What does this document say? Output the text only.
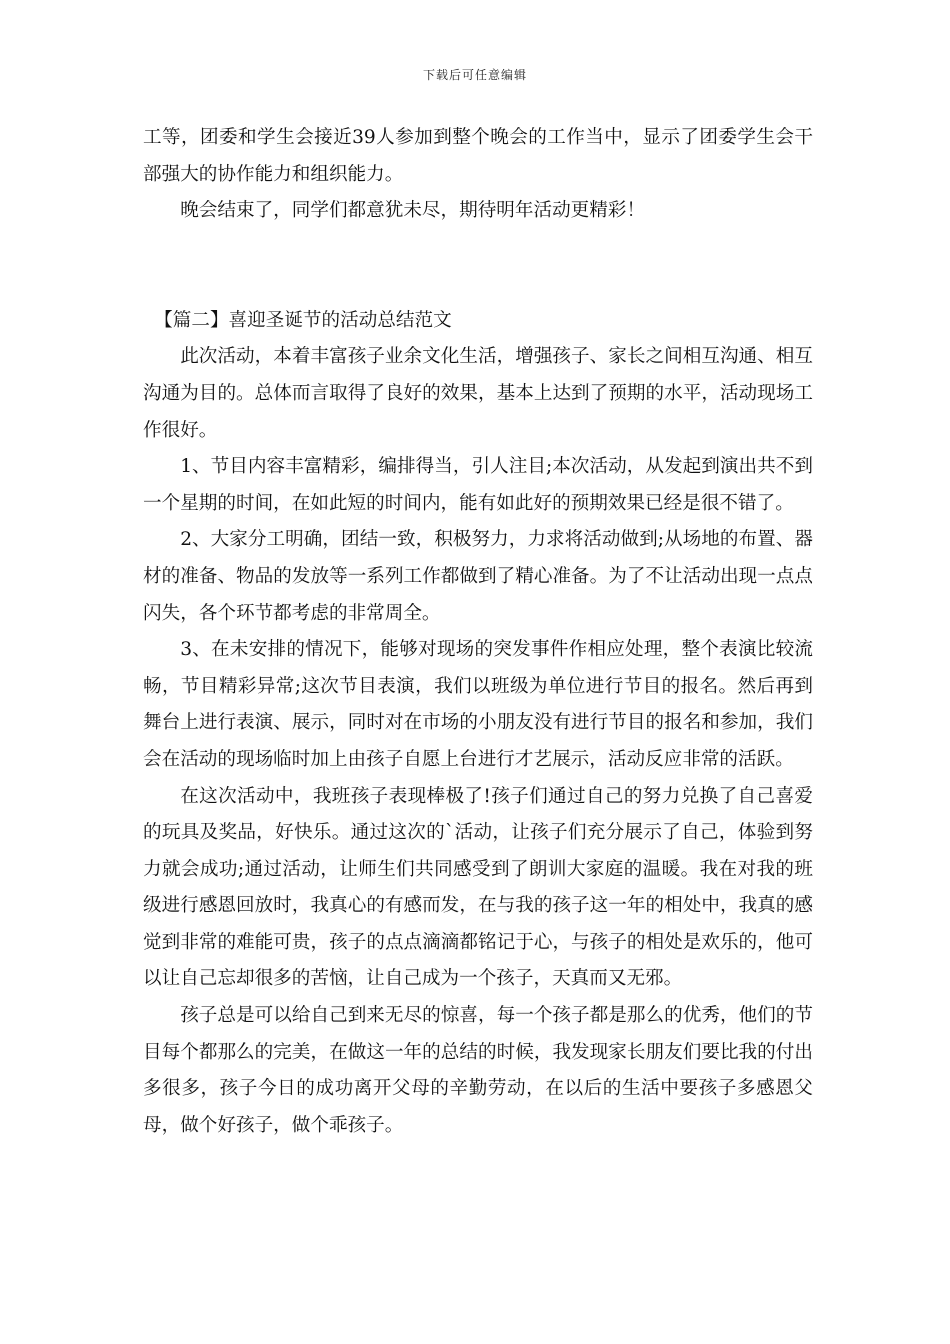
下载后可任意编辑

工等，团委和学生会接近39人参加到整个晚会的工作当中，显示了团委学生会干部强大的协作能力和组织能力。

晚会结束了，同学们都意犹未尽，期待明年活动更精彩！

【篇二】喜迎圣诞节的活动总结范文

此次活动，本着丰富孩子业余文化生活，增强孩子、家长之间相互沟通、相互沟通为目的。总体而言取得了良好的效果，基本上达到了预期的水平，活动现场工作很好。

1、节目内容丰富精彩，编排得当，引人注目;本次活动，从发起到演出共不到一个星期的时间，在如此短的时间内，能有如此好的预期效果已经是很不错了。

2、大家分工明确，团结一致，积极努力，力求将活动做到;从场地的布置、器材的准备、物品的发放等一系列工作都做到了精心准备。为了不让活动出现一点点闪失，各个环节都考虑的非常周全。

3、在未安排的情况下，能够对现场的突发事件作相应处理，整个表演比较流畅，节目精彩异常;这次节目表演，我们以班级为单位进行节目的报名。然后再到舞台上进行表演、展示，同时对在市场的小朋友没有进行节目的报名和参加，我们会在活动的现场临时加上由孩子自愿上台进行才艺展示，活动反应非常的活跃。

在这次活动中，我班孩子表现棒极了!孩子们通过自己的努力兑换了自己喜爱的玩具及奖品，好快乐。通过这次的`活动，让孩子们充分展示了自己，体验到努力就会成功;通过活动，让师生们共同感受到了朗训大家庭的温暖。我在对我的班级进行感恩回放时，我真心的有感而发，在与我的孩子这一年的相处中，我真的感觉到非常的难能可贵，孩子的点点滴滴都铭记于心，与孩子的相处是欢乐的，他可以让自己忘却很多的苦恼，让自己成为一个孩子，天真而又无邪。

孩子总是可以给自己到来无尽的惊喜，每一个孩子都是那么的优秀，他们的节目每个都那么的完美，在做这一年的总结的时候，我发现家长朋友们要比我的付出多很多，孩子今日的成功离开父母的辛勤劳动，在以后的生活中要孩子多感恩父母，做个好孩子，做个乖孩子。
